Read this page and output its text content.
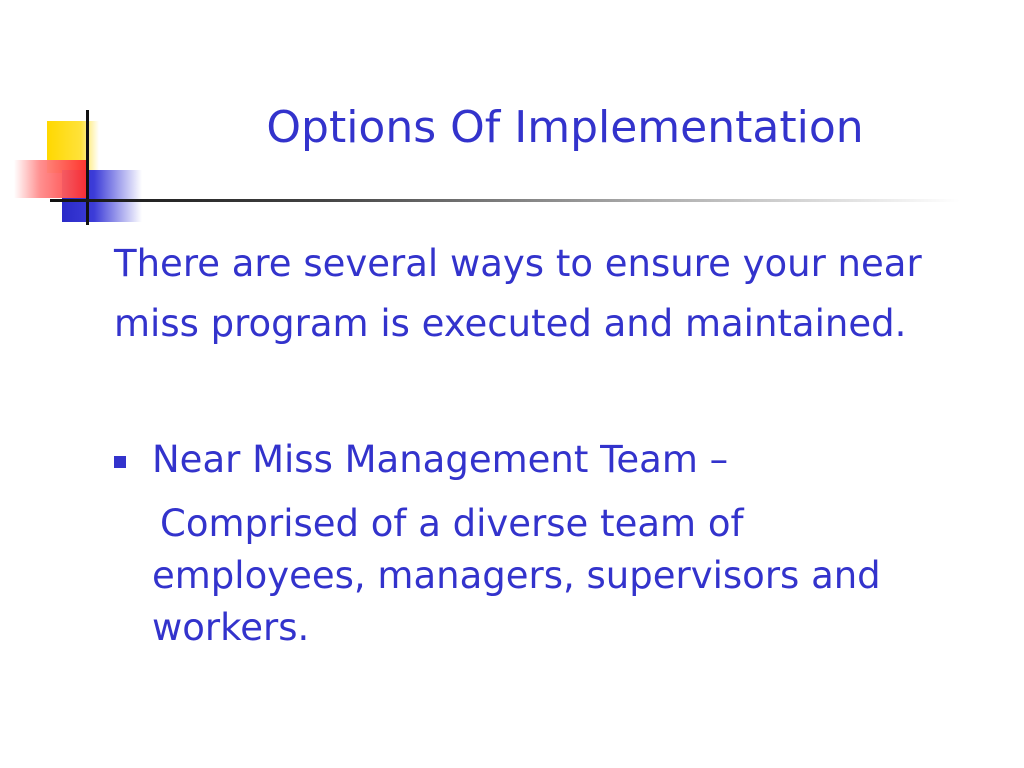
Options Of Implementation
There are several ways to ensure your near
miss program is executed and maintained.
Near Miss Management Team –
Comprised of a diverse team of
employees, managers, supervisors and
workers.
